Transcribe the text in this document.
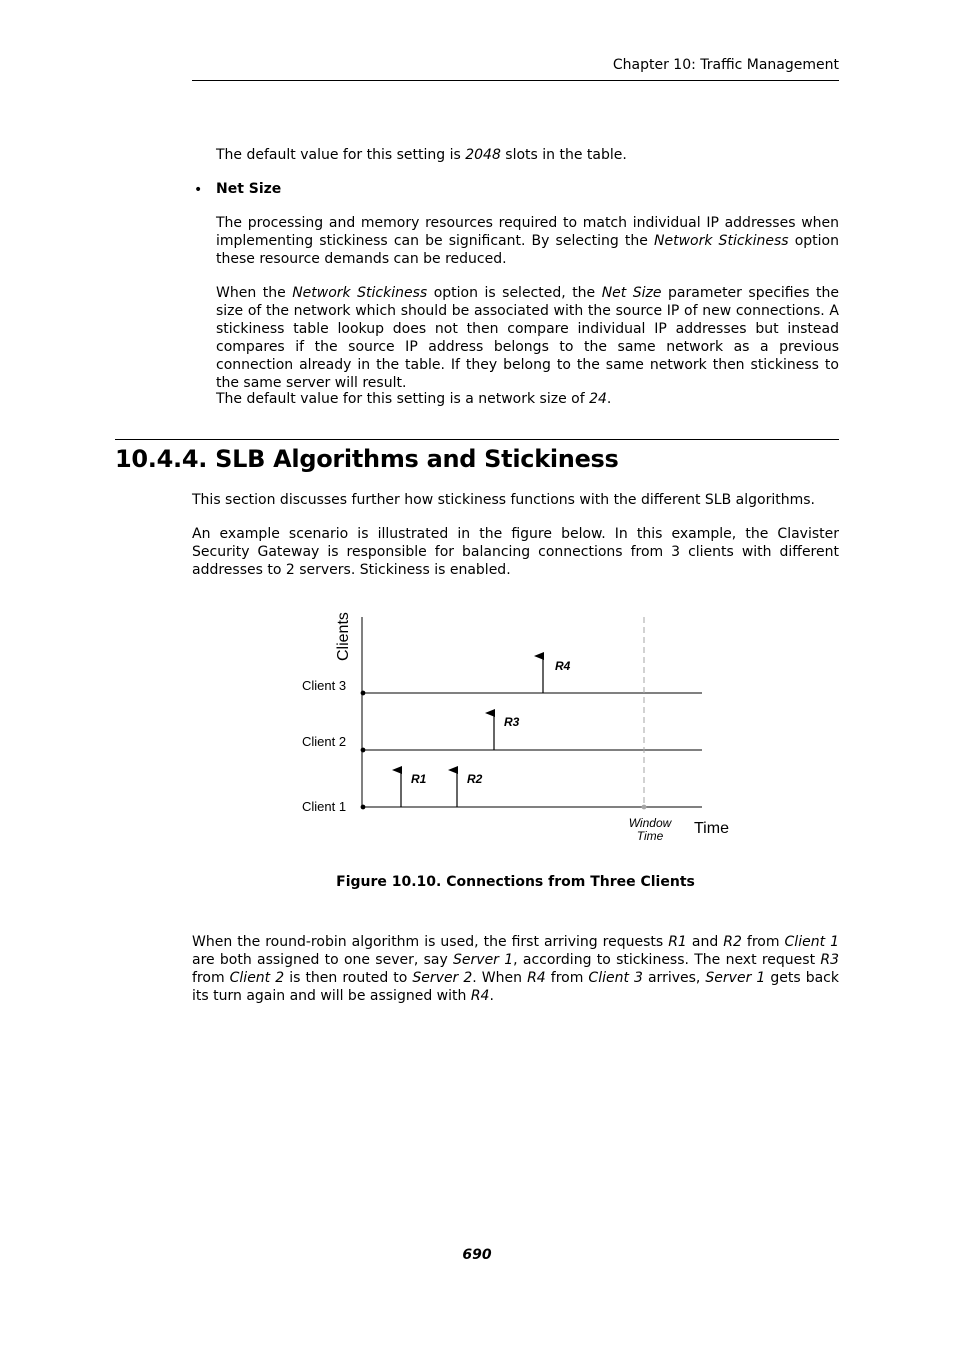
Chapter 10: Traffic Management
The default value for this setting is 2048 slots in the table.
• Net Size
The processing and memory resources required to match individual IP addresses when implementing stickiness can be significant. By selecting the Network Stickiness option these resource demands can be reduced.
When the Network Stickiness option is selected, the Net Size parameter specifies the size of the network which should be associated with the source IP of new connections. A stickiness table lookup does not then compare individual IP addresses but instead compares if the source IP address belongs to the same network as a previous connection already in the table. If they belong to the same network then stickiness to the same server will result.
The default value for this setting is a network size of 24.
10.4.4. SLB Algorithms and Stickiness
This section discusses further how stickiness functions with the different SLB algorithms.
An example scenario is illustrated in the figure below. In this example, the Clavister Security Gateway is responsible for balancing connections from 3 clients with different addresses to 2 servers. Stickiness is enabled.
Clients
Client 3
Client 2
Client 1
R1	R2
R3
R4
Window
Time Time
Figure 10.10. Connections from Three Clients
When the round-robin algorithm is used, the first arriving requests R1 and R2 from Client 1 are both assigned to one sever, say Server 1, according to stickiness. The next request R3 from Client 2 is then routed to Server 2. When R4 from Client 3 arrives, Server 1 gets back its turn again and will be assigned with R4.
690
